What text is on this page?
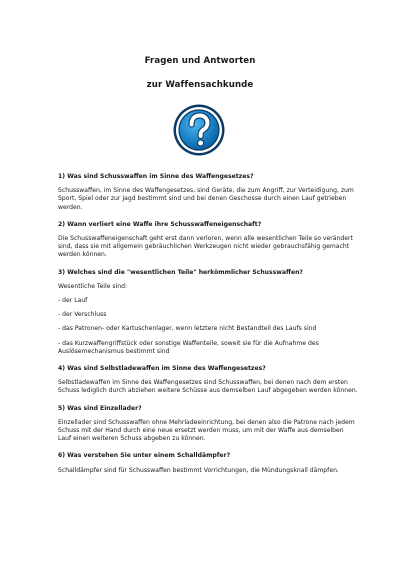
Fragen und Antworten
zur Waffensachkunde
1) Was sind Schusswaffen im Sinne des Waffengesetzes?
Schusswaffen, im Sinne des Waffengesetzes, sind Geräte, die zum Angriff, zur Verteidigung, zum Sport, Spiel oder zur Jagd bestimmt sind und bei denen Geschosse durch einen Lauf getrieben werden.
2) Wann verliert eine Waffe ihre Schusswaffeneigenschaft?
Die Schusswaffeneigenschaft geht erst dann verloren, wenn alle wesentlichen Teile so verändert sind, dass sie mit allgemein gebräuchlichen Werkzeugen nicht wieder gebrauchsfähig gemacht werden können.
3) Welches sind die "wesentlichen Teile" herkömmlicher Schusswaffen?
Wesentliche Teile sind:
- der Lauf
- der Verschluss
- das Patronen- oder Kartuschenlager, wenn letztere nicht Bestandteil des Laufs sind
- das Kurzwaffengriffstück oder sonstige Waffenteile, soweit sie für die Aufnahme des Auslösemechanismus bestimmt sind
4) Was sind Selbstladewaffen im Sinne des Waffengesetzes?
Selbstladewaffen im Sinne des Waffengesetzes sind Schusswaffen, bei denen nach dem ersten Schuss lediglich durch abziehen weitere Schüsse aus demselben Lauf abgegeben werden können.
5) Was sind Einzellader?
Einzellader sind Schusswaffen ohne Mehrladeeinrichtung, bei denen also die Patrone nach jedem Schuss mit der Hand durch eine neue ersetzt werden muss, um mit der Waffe aus demselben Lauf einen weiteren Schuss abgeben zu können.
6) Was verstehen Sie unter einem Schalldämpfer?
Schalldämpfer sind für Schusswaffen bestimmt Vorrichtungen, die Mündungsknall dämpfen.
